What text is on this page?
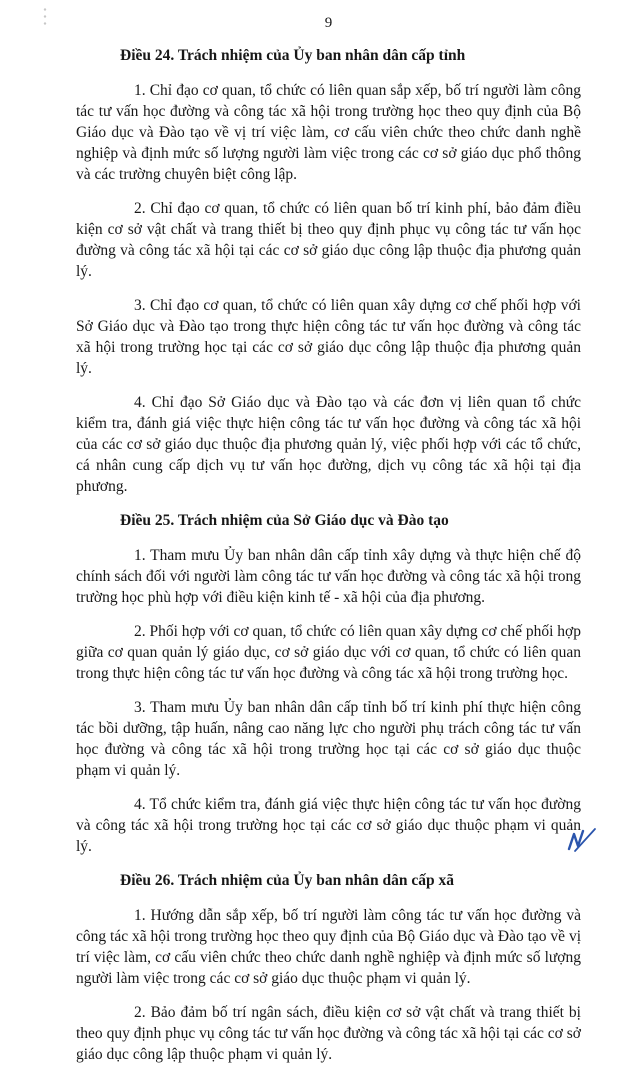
9
Điều 24. Trách nhiệm của Ủy ban nhân dân cấp tỉnh

1. Chỉ đạo cơ quan, tổ chức có liên quan sắp xếp, bố trí người làm công tác tư vấn học đường và công tác xã hội trong trường học theo quy định của Bộ Giáo dục và Đào tạo về vị trí việc làm, cơ cấu viên chức theo chức danh nghề nghiệp và định mức số lượng người làm việc trong các cơ sở giáo dục phổ thông và các trường chuyên biệt công lập.

2. Chỉ đạo cơ quan, tổ chức có liên quan bố trí kinh phí, bảo đảm điều kiện cơ sở vật chất và trang thiết bị theo quy định phục vụ công tác tư vấn học đường và công tác xã hội tại các cơ sở giáo dục công lập thuộc địa phương quản lý.

3. Chỉ đạo cơ quan, tổ chức có liên quan xây dựng cơ chế phối hợp với Sở Giáo dục và Đào tạo trong thực hiện công tác tư vấn học đường và công tác xã hội trong trường học tại các cơ sở giáo dục công lập thuộc địa phương quản lý.

4. Chỉ đạo Sở Giáo dục và Đào tạo và các đơn vị liên quan tổ chức kiểm tra, đánh giá việc thực hiện công tác tư vấn học đường và công tác xã hội của các cơ sở giáo dục thuộc địa phương quản lý, việc phối hợp với các tổ chức, cá nhân cung cấp dịch vụ tư vấn học đường, dịch vụ công tác xã hội tại địa phương.

Điều 25. Trách nhiệm của Sở Giáo dục và Đào tạo

1. Tham mưu Ủy ban nhân dân cấp tỉnh xây dựng và thực hiện chế độ chính sách đối với người làm công tác tư vấn học đường và công tác xã hội trong trường học phù hợp với điều kiện kinh tế - xã hội của địa phương.

2. Phối hợp với cơ quan, tổ chức có liên quan xây dựng cơ chế phối hợp giữa cơ quan quản lý giáo dục, cơ sở giáo dục với cơ quan, tổ chức có liên quan trong thực hiện công tác tư vấn học đường và công tác xã hội trong trường học.

3. Tham mưu Ủy ban nhân dân cấp tỉnh bố trí kinh phí thực hiện công tác bồi dưỡng, tập huấn, nâng cao năng lực cho người phụ trách công tác tư vấn học đường và công tác xã hội trong trường học tại các cơ sở giáo dục thuộc phạm vi quản lý.

4. Tổ chức kiểm tra, đánh giá việc thực hiện công tác tư vấn học đường và công tác xã hội trong trường học tại các cơ sở giáo dục thuộc phạm vi quản lý.

Điều 26. Trách nhiệm của Ủy ban nhân dân cấp xã

1. Hướng dẫn sắp xếp, bố trí người làm công tác tư vấn học đường và công tác xã hội trong trường học theo quy định của Bộ Giáo dục và Đào tạo về vị trí việc làm, cơ cấu viên chức theo chức danh nghề nghiệp và định mức số lượng người làm việc trong các cơ sở giáo dục thuộc phạm vi quản lý.

2. Bảo đảm bố trí ngân sách, điều kiện cơ sở vật chất và trang thiết bị theo quy định phục vụ công tác tư vấn học đường và công tác xã hội tại các cơ sở giáo dục công lập thuộc phạm vi quản lý.
